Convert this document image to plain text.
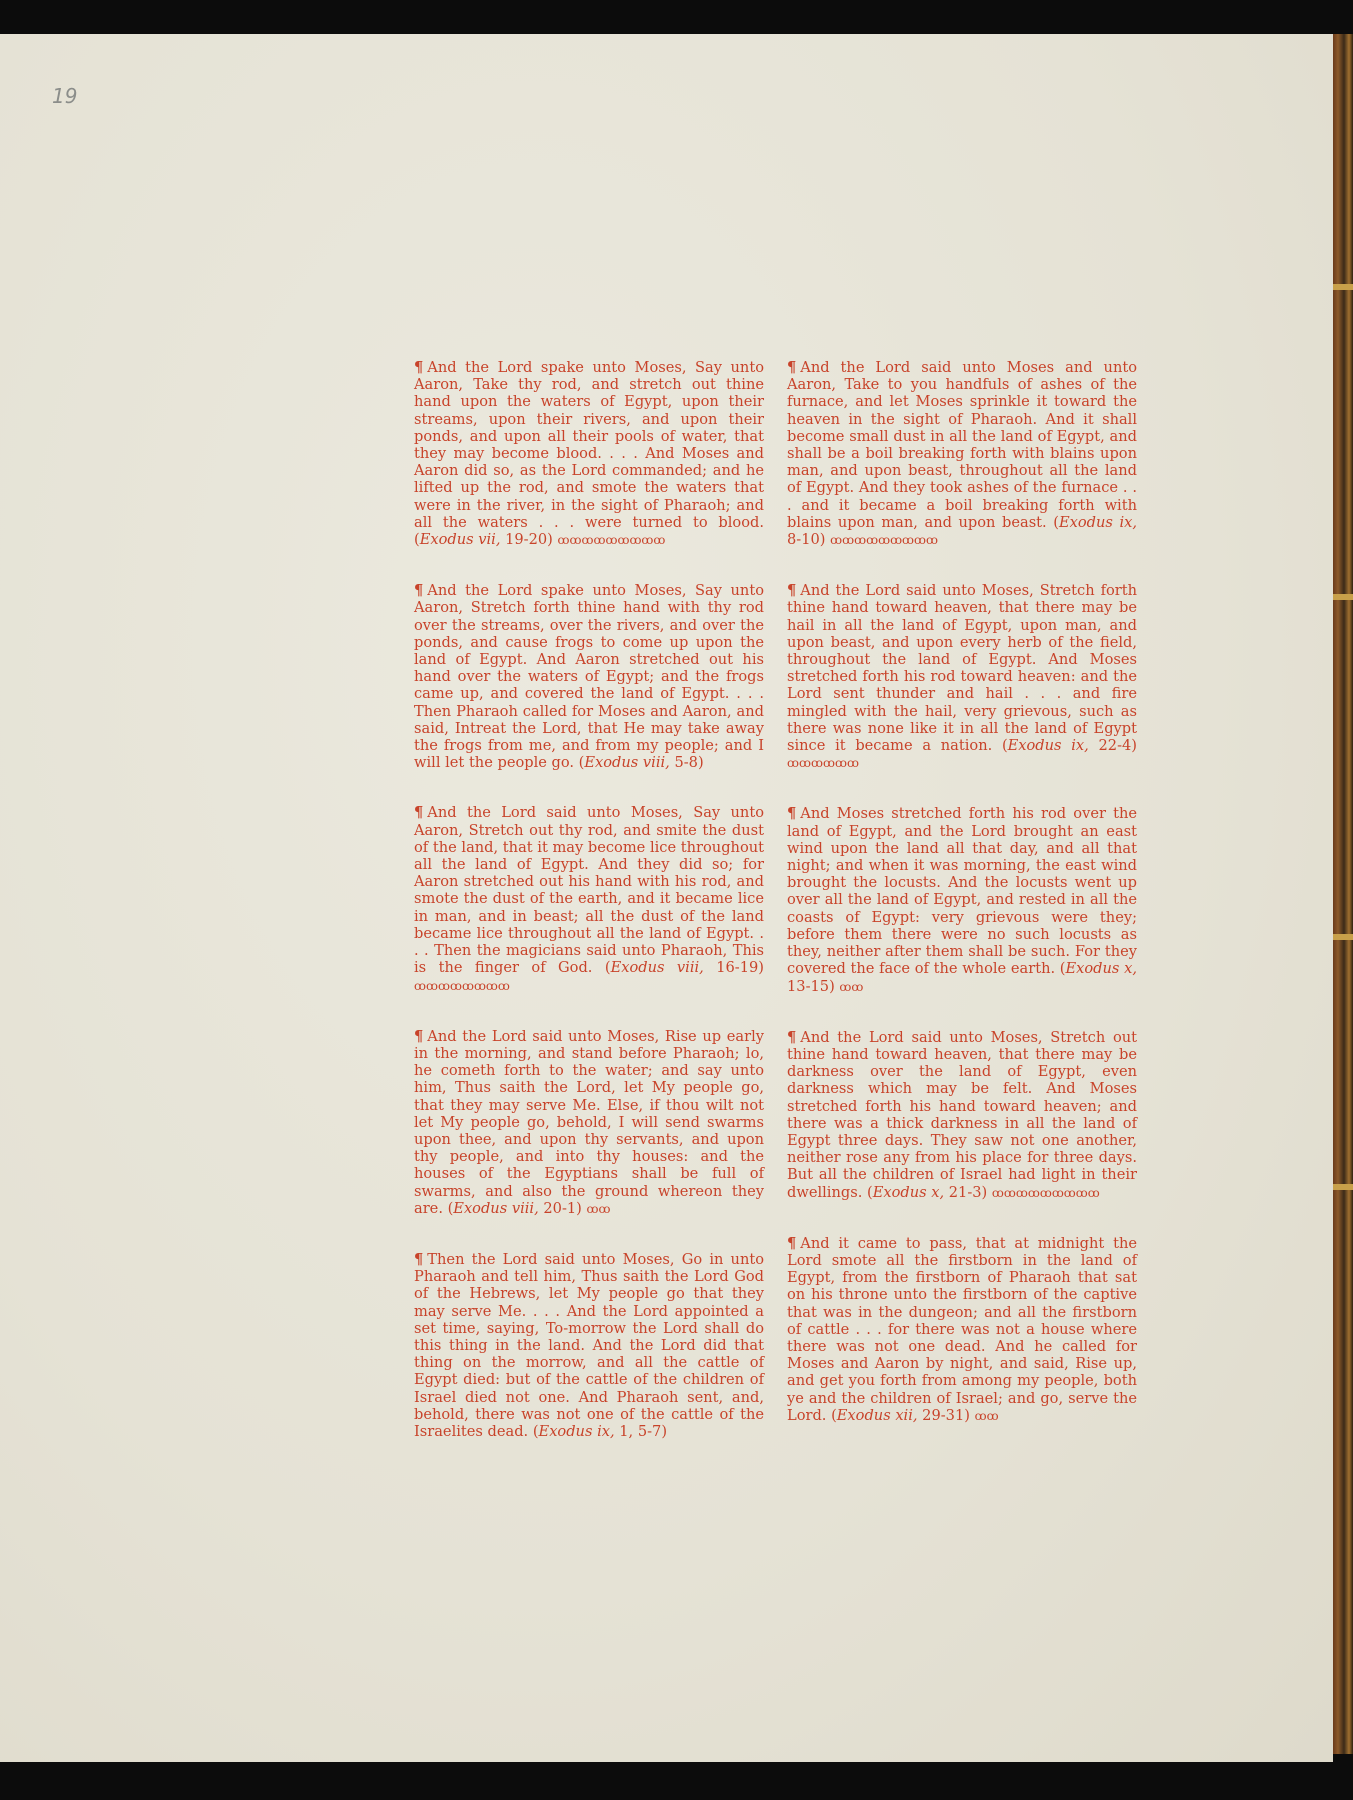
19

¶ And the Lord spake unto Moses, Say unto Aaron, Take thy rod, and stretch out thine hand upon the waters of Egypt, upon their streams, upon their rivers, and upon their ponds, and upon all their pools of water, that they may become blood. . . . And Moses and Aaron did so, as the Lord commanded; and he lifted up the rod, and smote the waters that were in the river, in the sight of Pharaoh; and all the waters . . . were turned to blood.(Exodus vii, 19-20) ꝏꝏꝏꝏꝏꝏꝏꝏꝏ

¶ And the Lord spake unto Moses, Say unto Aaron, Stretch forth thine hand with thy rod over the streams, over the rivers, and over the ponds, and cause frogs to come up upon the land of Egypt. And Aaron stretched out his hand over the waters of Egypt; and the frogs came up, and covered the land of Egypt. . . . Then Pharaoh called for Moses and Aaron, and said, Intreat the Lord, that He may take away the frogs from me, and from my people; and I will let the people go. (Exodus viii, 5-8)

¶ And the Lord said unto Moses, Say unto Aaron, Stretch out thy rod, and smite the dust of the land, that it may become lice throughout all the land of Egypt. And they did so; for Aaron stretched out his hand with his rod, and smote the dust of the earth, and it became lice in man, and in beast; all the dust of the land became lice throughout all the land of Egypt. . . . Then the magicians said unto Pharaoh, This is the finger of God. (Exodus viii, 16-19) ꝏꝏꝏꝏꝏꝏꝏꝏ

¶ And the Lord said unto Moses, Rise up early in the morning, and stand before Pharaoh; lo, he cometh forth to the water; and say unto him, Thus saith the Lord, let My people go, that they may serve Me. Else, if thou wilt not let My people go, behold, I will send swarms upon thee, and upon thy servants, and upon thy people, and into thy houses: and the houses of the Egyptians shall be full of swarms, and also the ground whereon they are. (Exodus viii, 20-1) ꝏꝏ

¶ Then the Lord said unto Moses, Go in unto Pharaoh and tell him, Thus saith the Lord God of the Hebrews, let My people go that they may serve Me. . . . And the Lord appointed a set time, saying, To-morrow the Lord shall do this thing in the land. And the Lord did that thing on the morrow, and all the cattle of Egypt died: but of the cattle of the children of Israel died not one. And Pharaoh sent, and, behold, there was not one of the cattle of the Israelites dead. (Exodus ix, 1, 5-7)

¶ And the Lord said unto Moses and unto Aaron, Take to you handfuls of ashes of the furnace, and let Moses sprinkle it toward the heaven in the sight of Pharaoh. And it shall become small dust in all the land of Egypt, and shall be a boil breaking forth with blains upon man, and upon beast, throughout all the land of Egypt. And they took ashes of the furnace . . . and it became a boil breaking forth with blains upon man, and upon beast. (Exodus ix, 8-10) ꝏꝏꝏꝏꝏꝏꝏꝏꝏ

¶ And the Lord said unto Moses, Stretch forth thine hand toward heaven, that there may be hail in all the land of Egypt, upon man, and upon beast, and upon every herb of the field, throughout the land of Egypt. And Moses stretched forth his rod toward heaven: and the Lord sent thunder and hail . . . and fire mingled with the hail, very grievous, such as there was none like it in all the land of Egypt since it became a nation. (Exodus ix, 22-4) ꝏꝏꝏꝏꝏꝏ

¶ And Moses stretched forth his rod over the land of Egypt, and the Lord brought an east wind upon the land all that day, and all that night; and when it was morning, the east wind brought the locusts. And the locusts went up over all the land of Egypt, and rested in all the coasts of Egypt: very grievous were they; before them there were no such locusts as they, neither after them shall be such. For they covered the face of the whole earth. (Exodus x, 13-15) ꝏꝏ

¶ And the Lord said unto Moses, Stretch out thine hand toward heaven, that there may be darkness over the land of Egypt, even darkness which may be felt. And Moses stretched forth his hand toward heaven; and there was a thick darkness in all the land of Egypt three days. They saw not one another, neither rose any from his place for three days. But all the children of Israel had light in their dwellings. (Exodus x, 21-3) ꝏꝏꝏꝏꝏꝏꝏꝏꝏ

¶ And it came to pass, that at midnight the Lord smote all the firstborn in the land of Egypt, from the firstborn of Pharaoh that sat on his throne unto the firstborn of the captive that was in the dungeon; and all the firstborn of cattle . . . for there was not a house where there was not one dead. And he called for Moses and Aaron by night, and said, Rise up, and get you forth from among my people, both ye and the children of Israel; and go, serve the Lord. (Exodus xii, 29-31) ꝏꝏ
